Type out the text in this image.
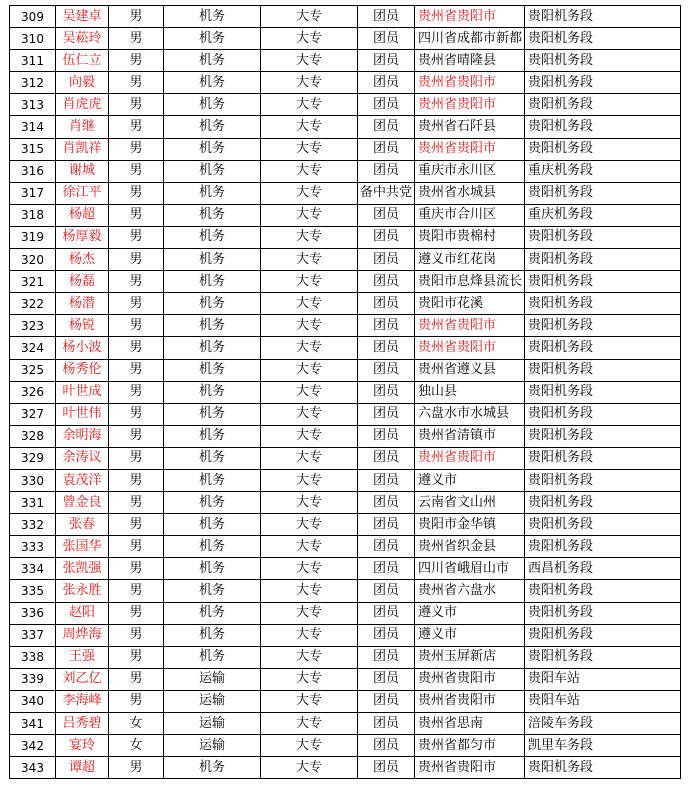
309	吴建卓	男	机务	大专	团员	贵州省贵阳市	贵阳机务段
310	吴菘玲	男	机务	大专	团员	四川省成都市新都	贵阳机务段
311	伍仁立	男	机务	大专	团员	贵州省晴隆县	贵阳机务段
312	向毅	男	机务	大专	团员	贵州省贵阳市	贵阳机务段
313	肖虎虎	男	机务	大专	团员	贵州省贵阳市	贵阳机务段
314	肖继	男	机务	大专	团员	贵州省石阡县	贵阳机务段
315	肖凯祥	男	机务	大专	团员	贵州省贵阳市	贵阳机务段
316	谢城	男	机务	大专	团员	重庆市永川区	重庆机务段
317	徐江平	男	机务	大专	备中共党	贵州省水城县	贵阳机务段
318	杨超	男	机务	大专	团员	重庆市合川区	重庆机务段
319	杨厚毅	男	机务	大专	团员	贵阳市贵棉村	贵阳机务段
320	杨杰	男	机务	大专	团员	遵义市红花岗	贵阳机务段
321	杨磊	男	机务	大专	团员	贵阳市息烽县流长	贵阳机务段
322	杨潜	男	机务	大专	团员	贵阳市花溪	贵阳机务段
323	杨锐	男	机务	大专	团员	贵州省贵阳市	贵阳机务段
324	杨小波	男	机务	大专	团员	贵州省贵阳市	贵阳机务段
325	杨秀伦	男	机务	大专	团员	贵州省遵义县	贵阳机务段
326	叶世成	男	机务	大专	团员	独山县	贵阳机务段
327	叶世伟	男	机务	大专	团员	六盘水市水城县	贵阳机务段
328	余明海	男	机务	大专	团员	贵州省清镇市	贵阳机务段
329	余涛议	男	机务	大专	团员	贵州省贵阳市	贵阳机务段
330	袁茂洋	男	机务	大专	团员	遵义市	贵阳机务段
331	曾金良	男	机务	大专	团员	云南省文山州	贵阳机务段
332	张春	男	机务	大专	团员	贵阳市金华镇	贵阳机务段
333	张国华	男	机务	大专	团员	贵州省织金县	贵阳机务段
334	张凯强	男	机务	大专	团员	四川省峨眉山市	西昌机务段
335	张永胜	男	机务	大专	团员	贵州省六盘水	贵阳机务段
336	赵阳	男	机务	大专	团员	遵义市	贵阳机务段
337	周烨海	男	机务	大专	团员	遵义市	贵阳机务段
338	王强	男	机务	大专	团员	贵州玉屏新店	贵阳机务段
339	刘乙亿	男	运输	大专	团员	贵州省贵阳市	贵阳车站
340	李海峰	男	运输	大专	团员	贵州省贵阳市	贵阳车站
341	吕秀碧	女	运输	大专	团员	贵州省思南	涪陵车务段
342	宴玲	女	运输	大专	团员	贵州省都匀市	凯里车务段
343	谭超	男	机务	大专	团员	贵州省贵阳市	贵阳机务段
